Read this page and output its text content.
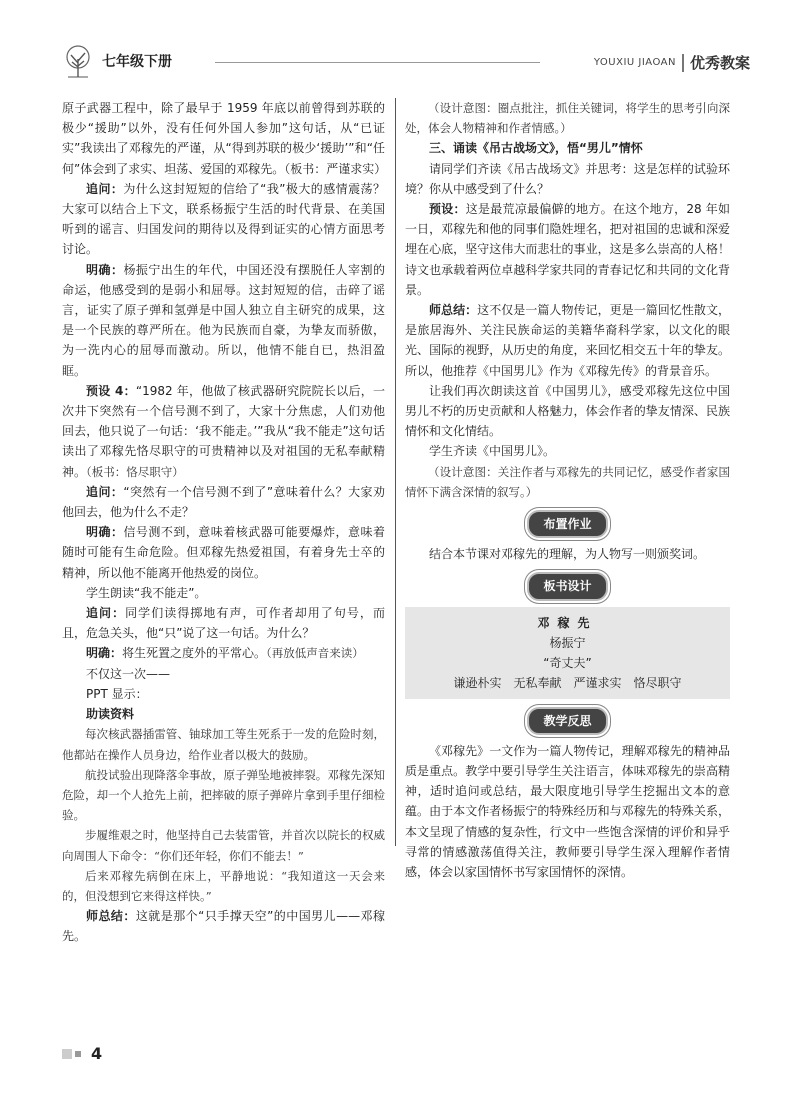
七年级下册	YOUXIU JIAOAN 优秀教案

原子武器工程中，除了最早于 1959 年底以前曾得到苏联的极少“援助”以外，没有任何外国人参加”这句话，从“已证实”我读出了邓稼先的严谨，从“得到苏联的极少‘援助’”和“任何”体会到了求实、坦荡、爱国的邓稼先。（板书：严谨求实）

追问：为什么这封短短的信给了“我”极大的感情震荡？大家可以结合上下文，联系杨振宁生活的时代背景、在美国听到的谣言、归国发问的期待以及得到证实的心情方面思考讨论。

明确：杨振宁出生的年代，中国还没有摆脱任人宰割的命运，他感受到的是弱小和屈辱。这封短短的信，击碎了谣言，证实了原子弹和氢弹是中国人独立自主研究的成果，这是一个民族的尊严所在。他为民族而自豪，为挚友而骄傲，为一洗内心的屈辱而激动。所以，他情不能自已，热泪盈眶。

预设 4：“1982 年，他做了核武器研究院院长以后，一次井下突然有一个信号测不到了，大家十分焦虑，人们劝他回去，他只说了一句话：‘我不能走。’”我从“我不能走”这句话读出了邓稼先恪尽职守的可贵精神以及对祖国的无私奉献精神。（板书：恪尽职守）

追问：“突然有一个信号测不到了”意味着什么？大家劝他回去，他为什么不走？

明确：信号测不到，意味着核武器可能要爆炸，意味着随时可能有生命危险。但邓稼先热爱祖国，有着身先士卒的精神，所以他不能离开他热爱的岗位。

学生朗读“我不能走”。

追问：同学们读得掷地有声，可作者却用了句号，而且，危急关头，他“只”说了这一句话。为什么？

明确：将生死置之度外的平常心。（再放低声音来读）

不仅这一次——

PPT 显示：

助读资料

每次核武器插雷管、铀球加工等生死系于一发的危险时刻，他都站在操作人员身边，给作业者以极大的鼓励。

航投试验出现降落伞事故，原子弹坠地被摔裂。邓稼先深知危险，却一个人抢先上前，把摔破的原子弹碎片拿到手里仔细检验。

步履维艰之时，他坚持自己去装雷管，并首次以院长的权威向周围人下命令：“你们还年轻，你们不能去！”

后来邓稼先病倒在床上，平静地说：“我知道这一天会来的，但没想到它来得这样快。”

师总结：这就是那个“只手撑天空”的中国男儿——邓稼先。

（设计意图：圈点批注，抓住关键词，将学生的思考引向深处，体会人物精神和作者情感。）

三、诵读《吊古战场文》，悟“男儿”情怀

请同学们齐读《吊古战场文》并思考：这是怎样的试验环境？你从中感受到了什么？

预设：这是最荒凉最偏僻的地方。在这个地方，28 年如一日，邓稼先和他的同事们隐姓埋名，把对祖国的忠诚和深爱埋在心底，坚守这伟大而悲壮的事业，这是多么崇高的人格！诗文也承载着两位卓越科学家共同的青春记忆和共同的文化背景。

师总结：这不仅是一篇人物传记，更是一篇回忆性散文，是旅居海外、关注民族命运的美籍华裔科学家，以文化的眼光、国际的视野，从历史的角度，来回忆相交五十年的挚友。所以，他推荐《中国男儿》作为《邓稼先传》的背景音乐。

让我们再次朗读这首《中国男儿》，感受邓稼先这位中国男儿不朽的历史贡献和人格魅力，体会作者的挚友情深、民族情怀和文化情结。

学生齐读《中国男儿》。

（设计意图：关注作者与邓稼先的共同记忆，感受作者家国情怀下满含深情的叙写。）

布置作业

结合本节课对邓稼先的理解，为人物写一则颁奖词。

板书设计
邓稼先
杨振宁
“奇丈夫”
谦逊朴实 无私奉献 严谨求实 恪尽职守
教学反思

《邓稼先》一文作为一篇人物传记，理解邓稼先的精神品质是重点。教学中要引导学生关注语言，体味邓稼先的崇高精神，适时追问或总结，最大限度地引导学生挖掘出文本的意蕴。由于本文作者杨振宁的特殊经历和与邓稼先的特殊关系，本文呈现了情感的复杂性，行文中一些饱含深情的评价和异乎寻常的情感激荡值得关注，教师要引导学生深入理解作者情感，体会以家国情怀书写家国情怀的深情。

4
